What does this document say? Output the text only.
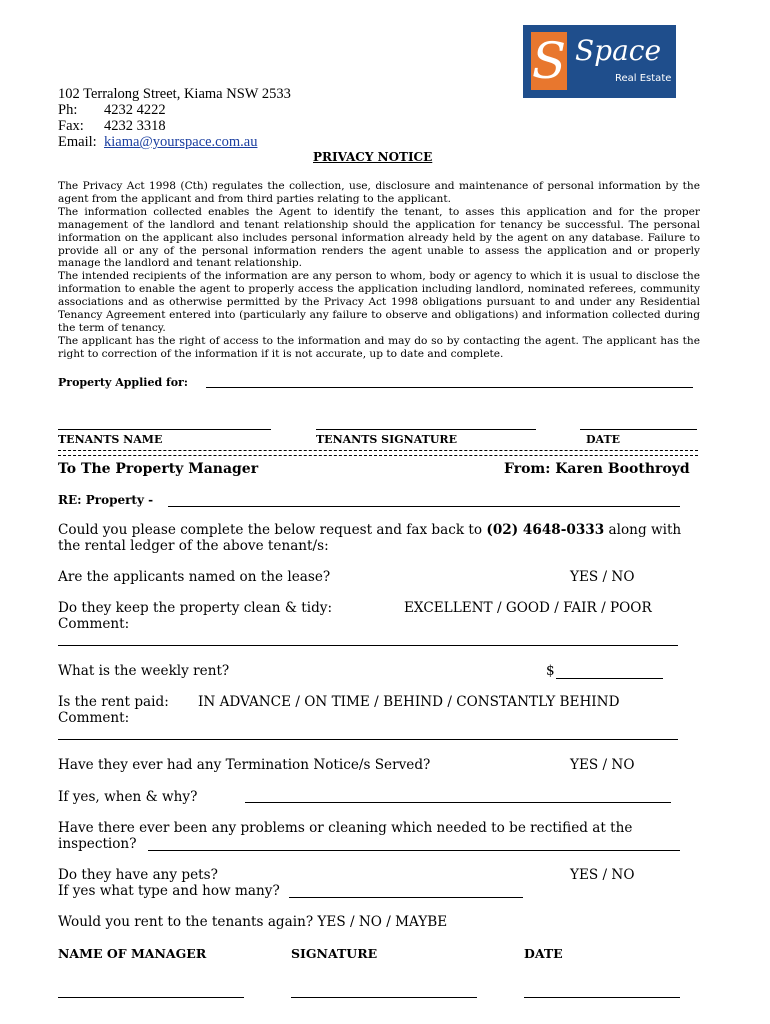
S Space
Real Estate
102 Terralong Street, Kiama NSW 2533
Ph: 4232 4222
Fax: 4232 3318
Email: kiama@yourspace.com.au
PRIVACY NOTICE
The Privacy Act 1998 (Cth) regulates the collection, use, disclosure and maintenance of personal information by the agent from the applicant and from third parties relating to the applicant.
The information collected enables the Agent to identify the tenant, to asses this application and for the proper management of the landlord and tenant relationship should the application for tenancy be successful. The personal information on the applicant also includes personal information already held by the agent on any database. Failure to provide all or any of the personal information renders the agent unable to assess the application and or properly manage the landlord and tenant relationship.
The intended recipients of the information are any person to whom, body or agency to which it is usual to disclose the information to enable the agent to properly access the application including landlord, nominated referees, community associations and as otherwise permitted by the Privacy Act 1998 obligations pursuant to and under any Residential Tenancy Agreement entered into (particularly any failure to observe and obligations) and information collected during the term of tenancy.
The applicant has the right of access to the information and may do so by contacting the agent. The applicant has the right to correction of the information if it is not accurate, up to date and complete.
Property Applied for:
TENANTS NAME	TENANTS SIGNATURE	DATE
To The Property Manager	From: Karen Boothroyd
RE: Property -
Could you please complete the below request and fax back to (02) 4648-0333 along with
the rental ledger of the above tenant/s:
Are the applicants named on the lease?	YES / NO
Do they keep the property clean & tidy:	EXCELLENT / GOOD / FAIR / POOR
Comment:
What is the weekly rent?	$
Is the rent paid: IN ADVANCE / ON TIME / BEHIND / CONSTANTLY BEHIND
Comment:
Have they ever had any Termination Notice/s Served?	YES / NO
If yes, when & why?
Have there ever been any problems or cleaning which needed to be rectified at the
inspection?
Do they have any pets?	YES / NO
If yes what type and how many?
Would you rent to the tenants again? YES / NO / MAYBE
NAME OF MANAGER	SIGNATURE	DATE
